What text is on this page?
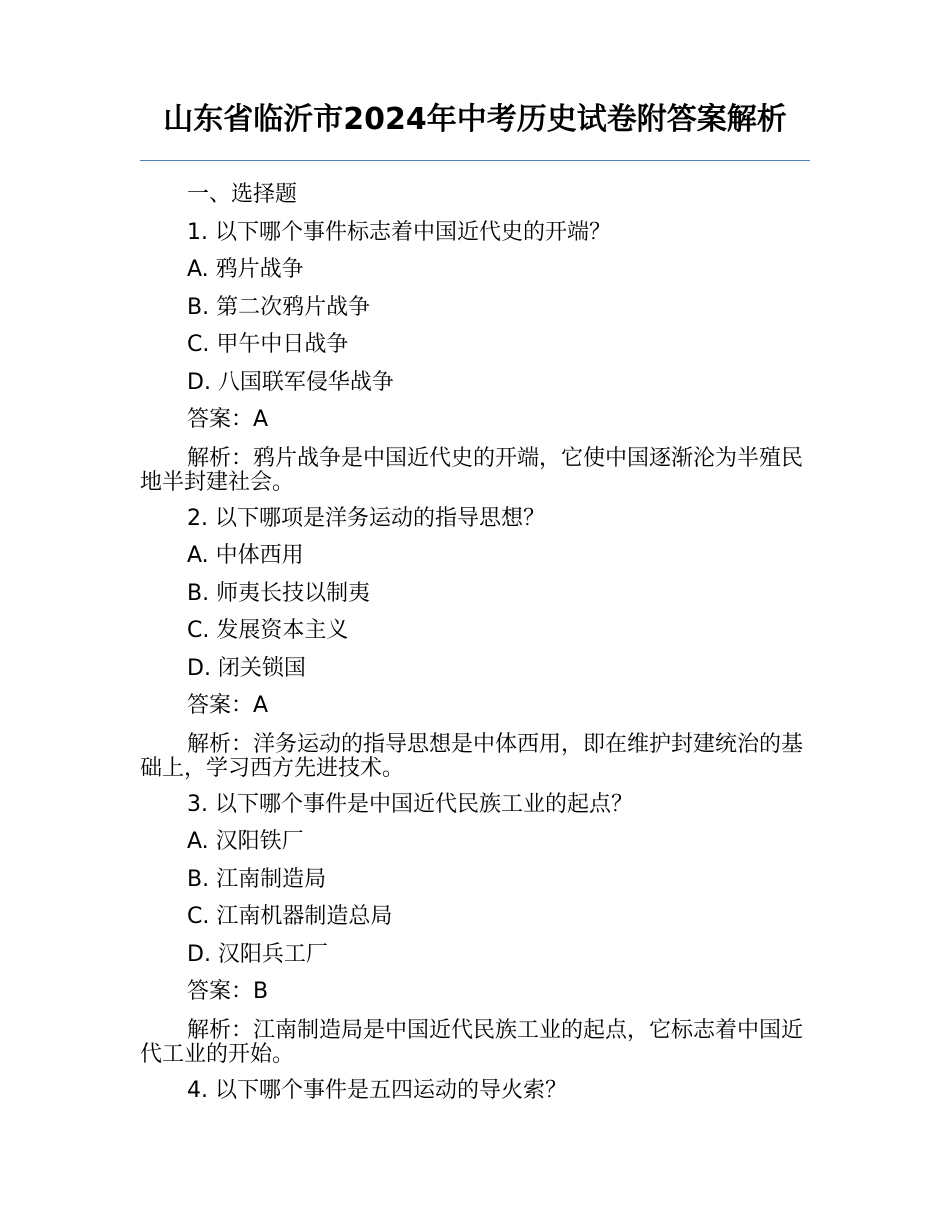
山东省临沂市2024年中考历史试卷附答案解析
一、选择题
1. 以下哪个事件标志着中国近代史的开端？
A. 鸦片战争
B. 第二次鸦片战争
C. 甲午中日战争
D. 八国联军侵华战争
答案：A
解析：鸦片战争是中国近代史的开端，它使中国逐渐沦为半殖民地半封建社会。
2. 以下哪项是洋务运动的指导思想？
A. 中体西用
B. 师夷长技以制夷
C. 发展资本主义
D. 闭关锁国
答案：A
解析：洋务运动的指导思想是中体西用，即在维护封建统治的基础上，学习西方先进技术。
3. 以下哪个事件是中国近代民族工业的起点？
A. 汉阳铁厂
B. 江南制造局
C. 江南机器制造总局
D. 汉阳兵工厂
答案：B
解析：江南制造局是中国近代民族工业的起点，它标志着中国近代工业的开始。
4. 以下哪个事件是五四运动的导火索？
